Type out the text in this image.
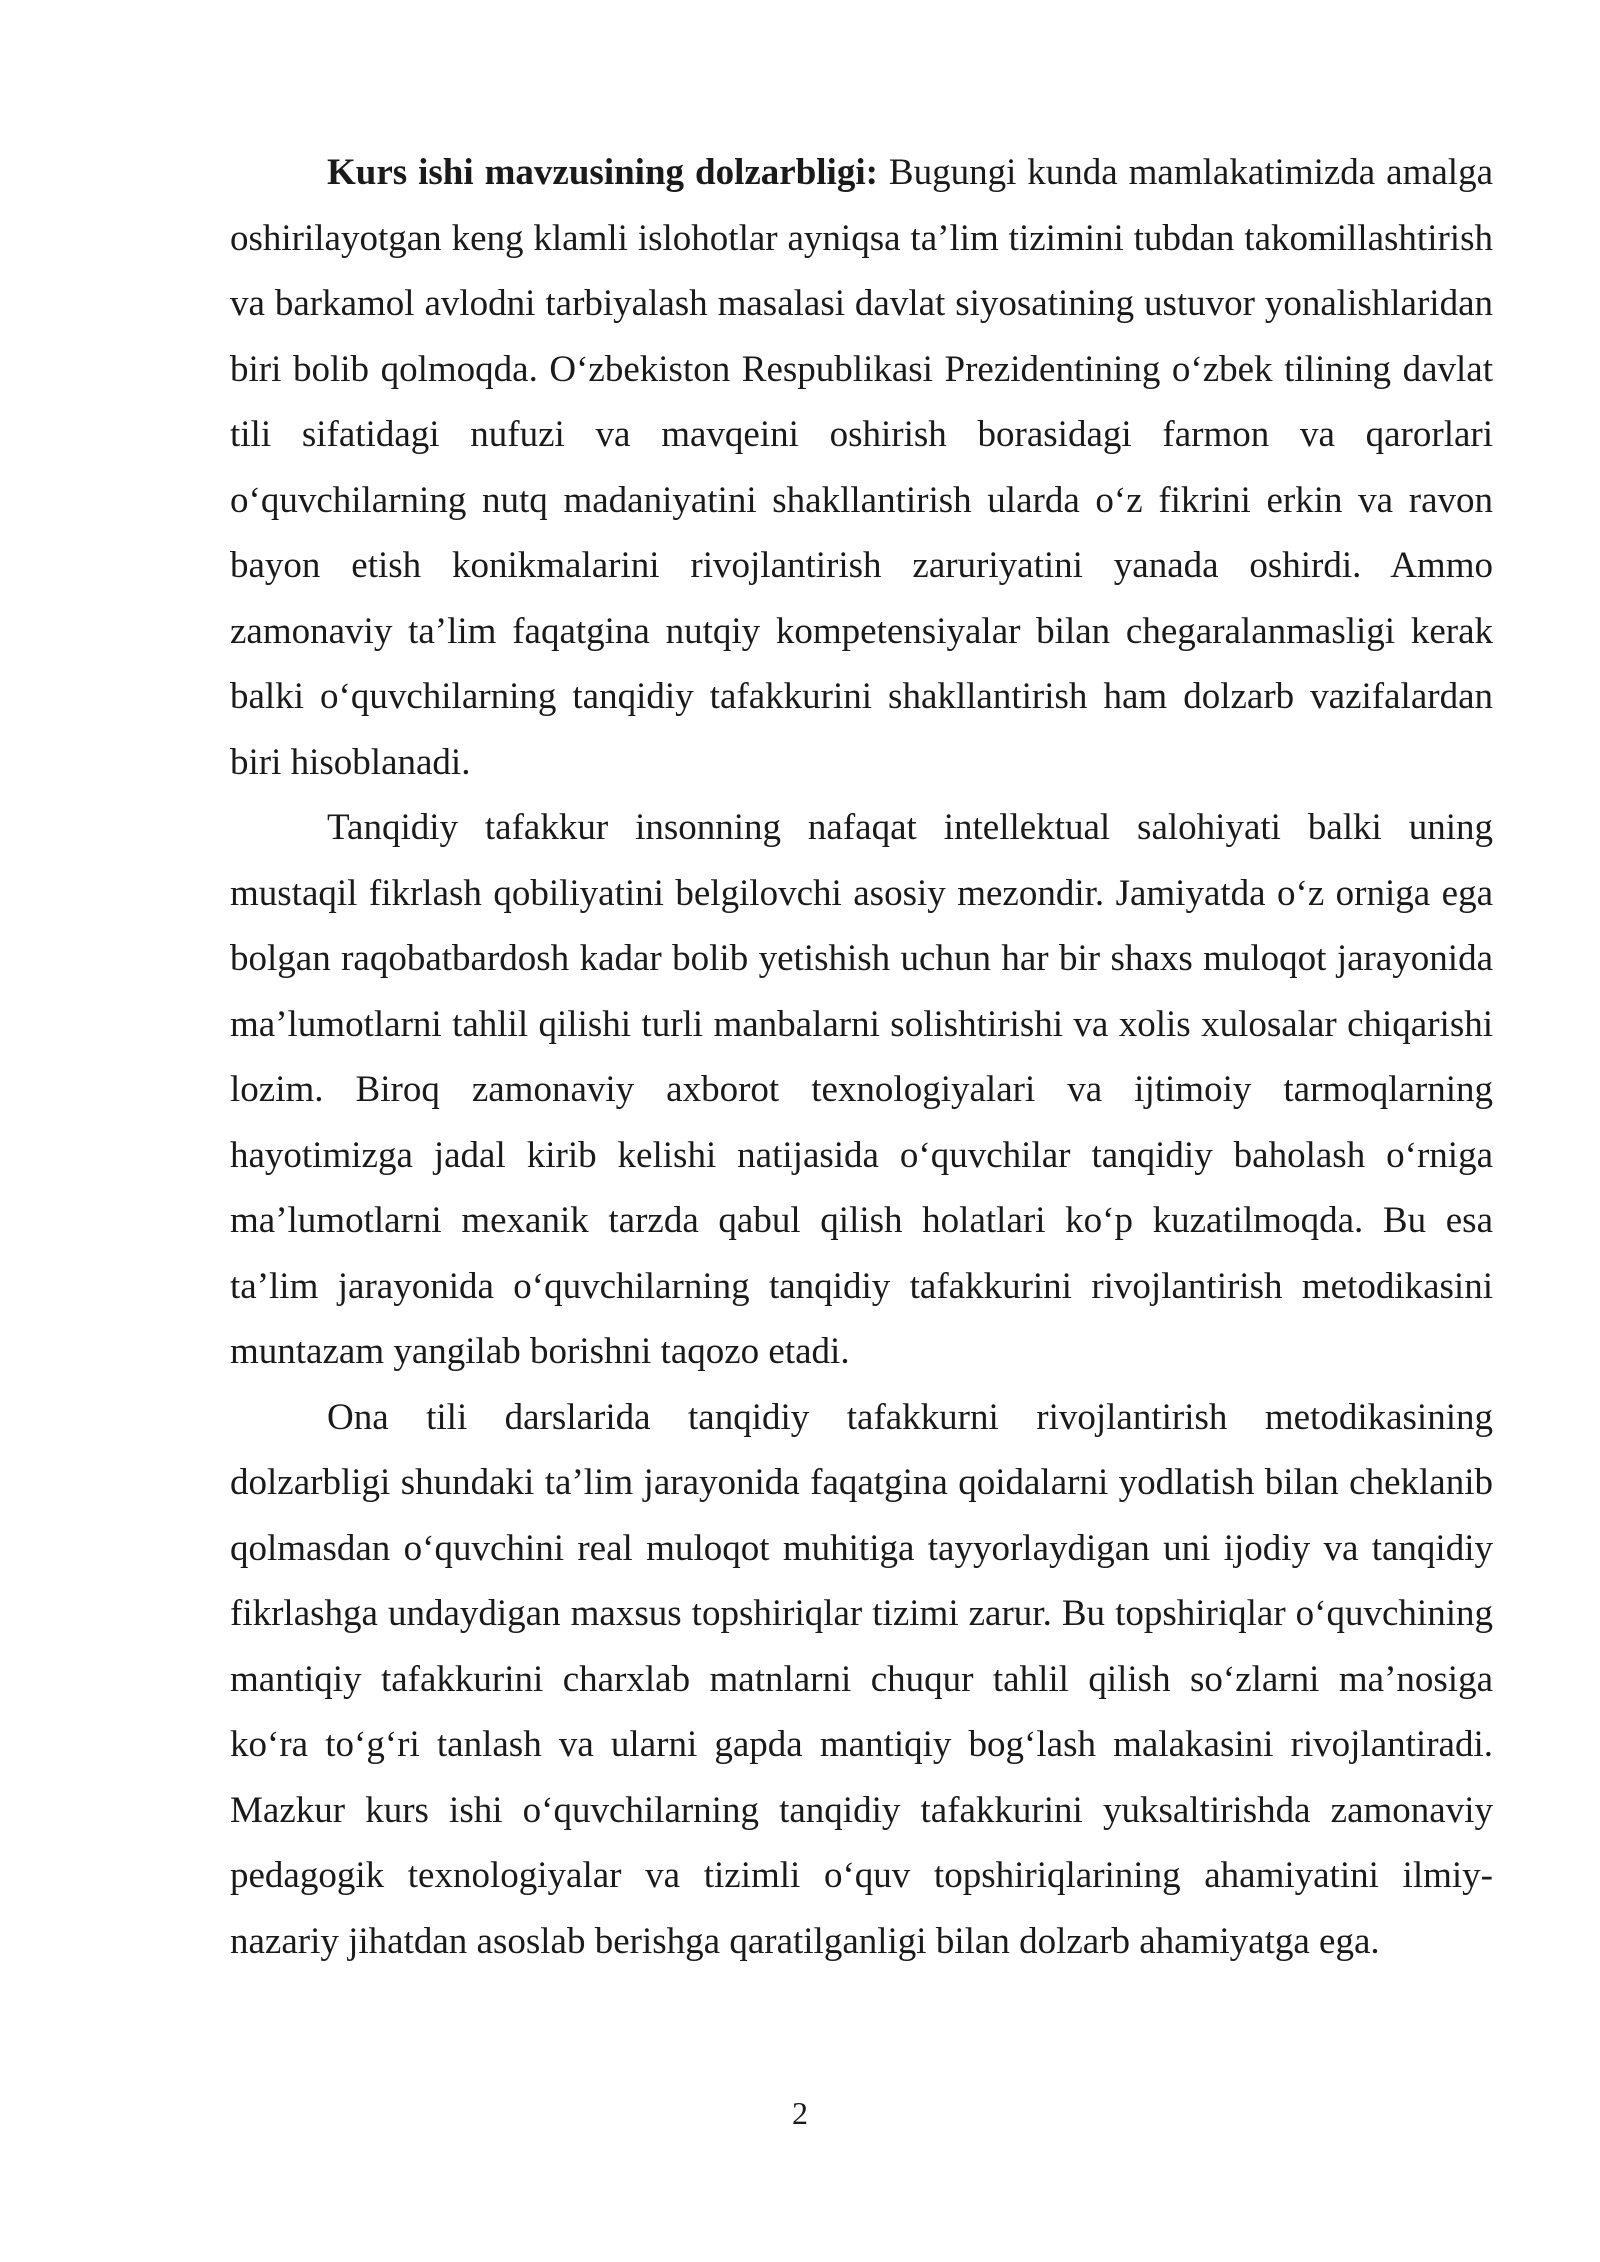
Kurs ishi mavzusining dolzarbligi: Bugungi kunda mamlakatimizda amalga oshirilayotgan keng klamli islohotlar ayniqsa ta’lim tizimini tubdan takomillashtirish va barkamol avlodni tarbiyalash masalasi davlat siyosatining ustuvor yonalishlaridan biri bolib qolmoqda. O‘zbekiston Respublikasi Prezidentining o‘zbek tilining davlat tili sifatidagi nufuzi va mavqeini oshirish borasidagi farmon va qarorlari o‘quvchilarning nutq madaniyatini shakllantirish ularda o‘z fikrini erkin va ravon bayon etish konikmalarini rivojlantirish zaruriyatini yanada oshirdi. Ammo zamonaviy ta’lim faqatgina nutqiy kompetensiyalar bilan chegaralanmasligi kerak balki o‘quvchilarning tanqidiy tafakkurini shakllantirish ham dolzarb vazifalardan biri hisoblanadi.

Tanqidiy tafakkur insonning nafaqat intellektual salohiyati balki uning mustaqil fikrlash qobiliyatini belgilovchi asosiy mezondir. Jamiyatda o‘z orniga ega bolgan raqobatbardosh kadar bolib yetishish uchun har bir shaxs muloqot jarayonida ma’lumotlarni tahlil qilishi turli manbalarni solishtirishi va xolis xulosalar chiqarishi lozim. Biroq zamonaviy axborot texnologiyalari va ijtimoiy tarmoqlarning hayotimizga jadal kirib kelishi natijasida o‘quvchilar tanqidiy baholash o‘rniga ma’lumotlarni mexanik tarzda qabul qilish holatlari ko‘p kuzatilmoqda. Bu esa ta’lim jarayonida o‘quvchilarning tanqidiy tafakkurini rivojlantirish metodikasini muntazam yangilab borishni taqozo etadi.

Ona tili darslarida tanqidiy tafakkurni rivojlantirish metodikasining dolzarbligi shundaki ta’lim jarayonida faqatgina qoidalarni yodlatish bilan cheklanib qolmasdan o‘quvchini real muloqot muhitiga tayyorlaydigan uni ijodiy va tanqidiy fikrlashga undaydigan maxsus topshiriqlar tizimi zarur. Bu topshiriqlar o‘quvchining mantiqiy tafakkurini charxlab matnlarni chuqur tahlil qilish so‘zlarni ma’nosiga ko‘ra to‘g‘ri tanlash va ularni gapda mantiqiy bog‘lash malakasini rivojlantiradi. Mazkur kurs ishi o‘quvchilarning tanqidiy tafakkurini yuksaltirishda zamonaviy pedagogik texnologiyalar va tizimli o‘quv topshiriqlarining ahamiyatini ilmiy-nazariy jihatdan asoslab berishga qaratilganligi bilan dolzarb ahamiyatga ega.

2
